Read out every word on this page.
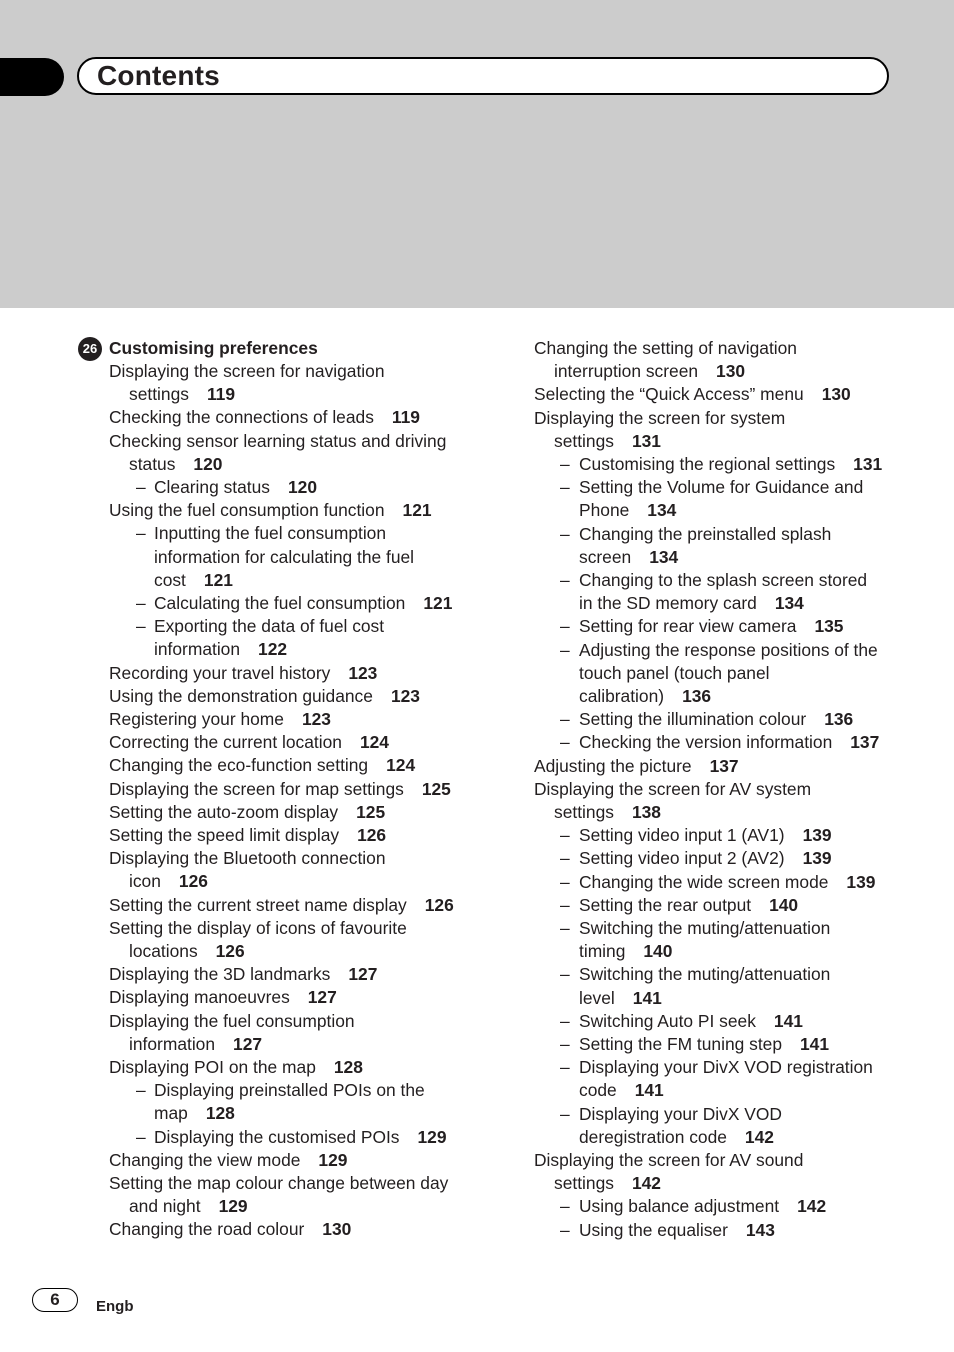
Contents
26 Customising preferences
Displaying the screen for navigation
settings 119
Checking the connections of leads 119
Checking sensor learning status and driving
status 120
– Clearing status 120
Using the fuel consumption function 121
– Inputting the fuel consumption
information for calculating the fuel
cost 121
– Calculating the fuel consumption 121
– Exporting the data of fuel cost
information 122
Recording your travel history 123
Using the demonstration guidance 123
Registering your home 123
Correcting the current location 124
Changing the eco-function setting 124
Displaying the screen for map settings 125
Setting the auto-zoom display 125
Setting the speed limit display 126
Displaying the Bluetooth connection
icon 126
Setting the current street name display 126
Setting the display of icons of favourite
locations 126
Displaying the 3D landmarks 127
Displaying manoeuvres 127
Displaying the fuel consumption
information 127
Displaying POI on the map 128
– Displaying preinstalled POIs on the
map 128
– Displaying the customised POIs 129
Changing the view mode 129
Setting the map colour change between day
and night 129
Changing the road colour 130
Changing the setting of navigation
interruption screen 130
Selecting the “Quick Access” menu 130
Displaying the screen for system
settings 131
– Customising the regional settings 131
– Setting the Volume for Guidance and
Phone 134
– Changing the preinstalled splash
screen 134
– Changing to the splash screen stored
in the SD memory card 134
– Setting for rear view camera 135
– Adjusting the response positions of the
touch panel (touch panel
calibration) 136
– Setting the illumination colour 136
– Checking the version information 137
Adjusting the picture 137
Displaying the screen for AV system
settings 138
– Setting video input 1 (AV1) 139
– Setting video input 2 (AV2) 139
– Changing the wide screen mode 139
– Setting the rear output 140
– Switching the muting/attenuation
timing 140
– Switching the muting/attenuation
level 141
– Switching Auto PI seek 141
– Setting the FM tuning step 141
– Displaying your DivX VOD registration
code 141
– Displaying your DivX VOD
deregistration code 142
Displaying the screen for AV sound
settings 142
– Using balance adjustment 142
– Using the equaliser 143
6	Engb
